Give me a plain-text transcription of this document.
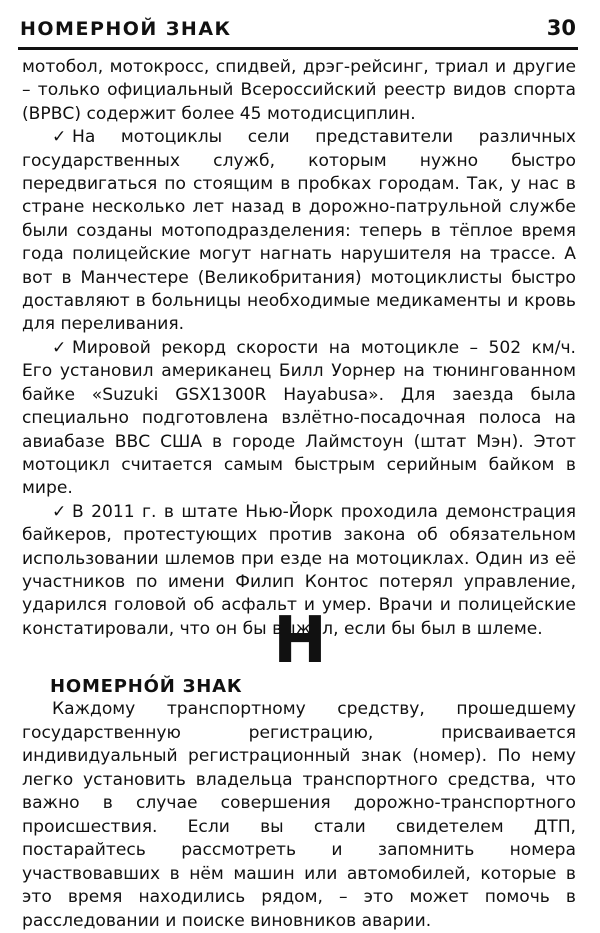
НОМЕРНОЙ ЗНАК	30

мотобол, мотокросс, спидвей, дрэг-рейсинг, триал и другие – только официальный Всероссийский реестр видов спорта (ВРВС) содержит более 45 мотодисциплин.

✓ На мотоциклы сели представители различных государственных служб, которым нужно быстро передвигаться по стоящим в пробках городам. Так, у нас в стране несколько лет назад в дорожно-патрульной службе были созданы мотоподразделения: теперь в тёплое время года полицейские могут нагнать нарушителя на трассе. А вот в Манчестере (Великобритания) мотоциклисты быстро доставляют в больницы необходимые медикаменты и кровь для переливания.

✓ Мировой рекорд скорости на мотоцикле – 502 км/ч. Его установил американец Билл Уорнер на тюнингованном байке «Suzuki GSX1300R Hayabusa». Для заезда была специально подготовлена взлётно-посадочная полоса на авиабазе ВВС США в городе Лаймстоун (штат Мэн). Этот мотоцикл считается самым быстрым серийным байком в мире.

✓ В 2011 г. в штате Нью-Йорк проходила демонстрация байкеров, протестующих против закона об обязательном использовании шлемов при езде на мотоциклах. Один из её участников по имени Филип Контос потерял управление, ударился головой об асфальт и умер. Врачи и полицейские констатировали, что он бы выжил, если бы был в шлеме.

Н
НОМЕРНО́Й ЗНАК

Каждому транспортному средству, прошедшему государственную регистрацию, присваивается индивидуальный регистрационный знак (номер). По нему легко установить владельца транспортного средства, что важно в случае совершения дорожно-транспортного происшествия. Если вы стали свидетелем ДТП, постарайтесь рассмотреть и запомнить номера участвовавших в нём машин или автомобилей, которые в это время находились рядом, – это может помочь в расследовании и поиске виновников аварии.
